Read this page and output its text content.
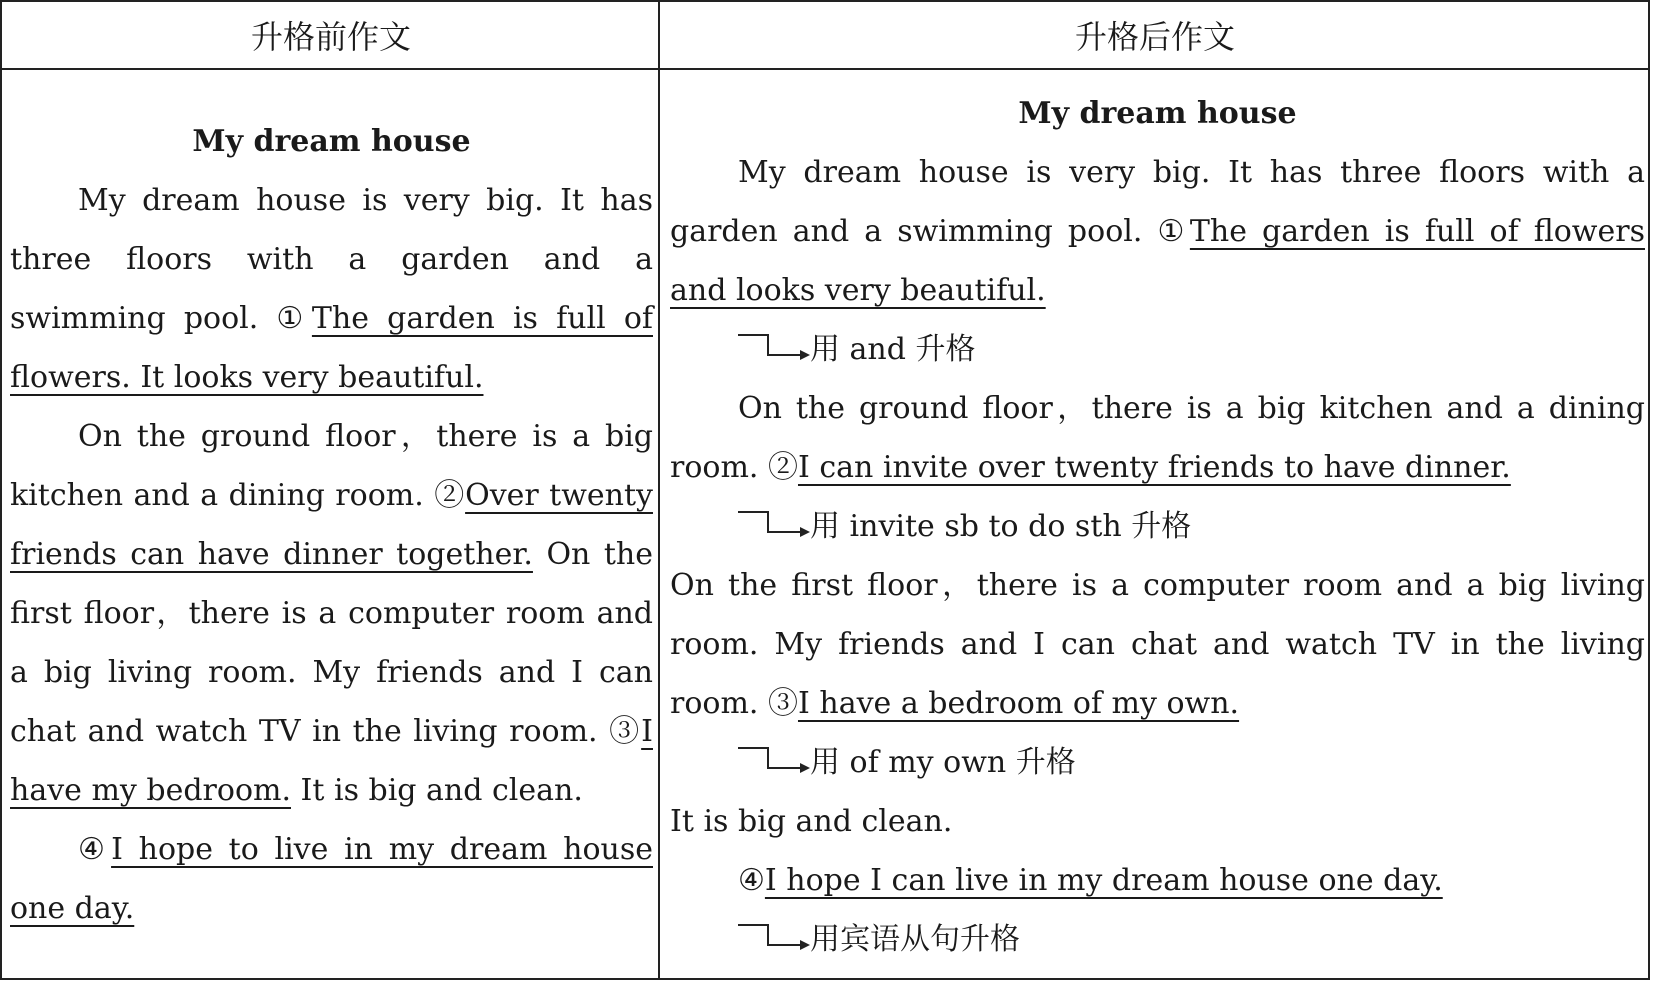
升格前作文	升格后作文
My dream house

My dream house is very big. It has three floors with a garden and a swimming pool. ①The garden is full of flowers. It looks very beautiful.

On the ground floor，there is a big kitchen and a dining room. ②Over twenty friends can have dinner together. On the first floor，there is a computer room and a big living room. My friends and I can chat and watch TV in the living room. ③I have my bedroom. It is big and clean.

④I hope to live in my dream house one day.

My dream house

My dream house is very big. It has three floors with a garden and a swimming pool. ①The garden is full of flowers and looks very beautiful.

用 and 升格

On the ground floor，there is a big kitchen and a dining room. ②I can invite over twenty friends to have dinner.

用 invite sb to do sth 升格

On the first floor，there is a computer room and a big living room. My friends and I can chat and watch TV in the living room. ③I have a bedroom of my own.

用 of my own 升格

It is big and clean.

④I hope I can live in my dream house one day.

用宾语从句升格
